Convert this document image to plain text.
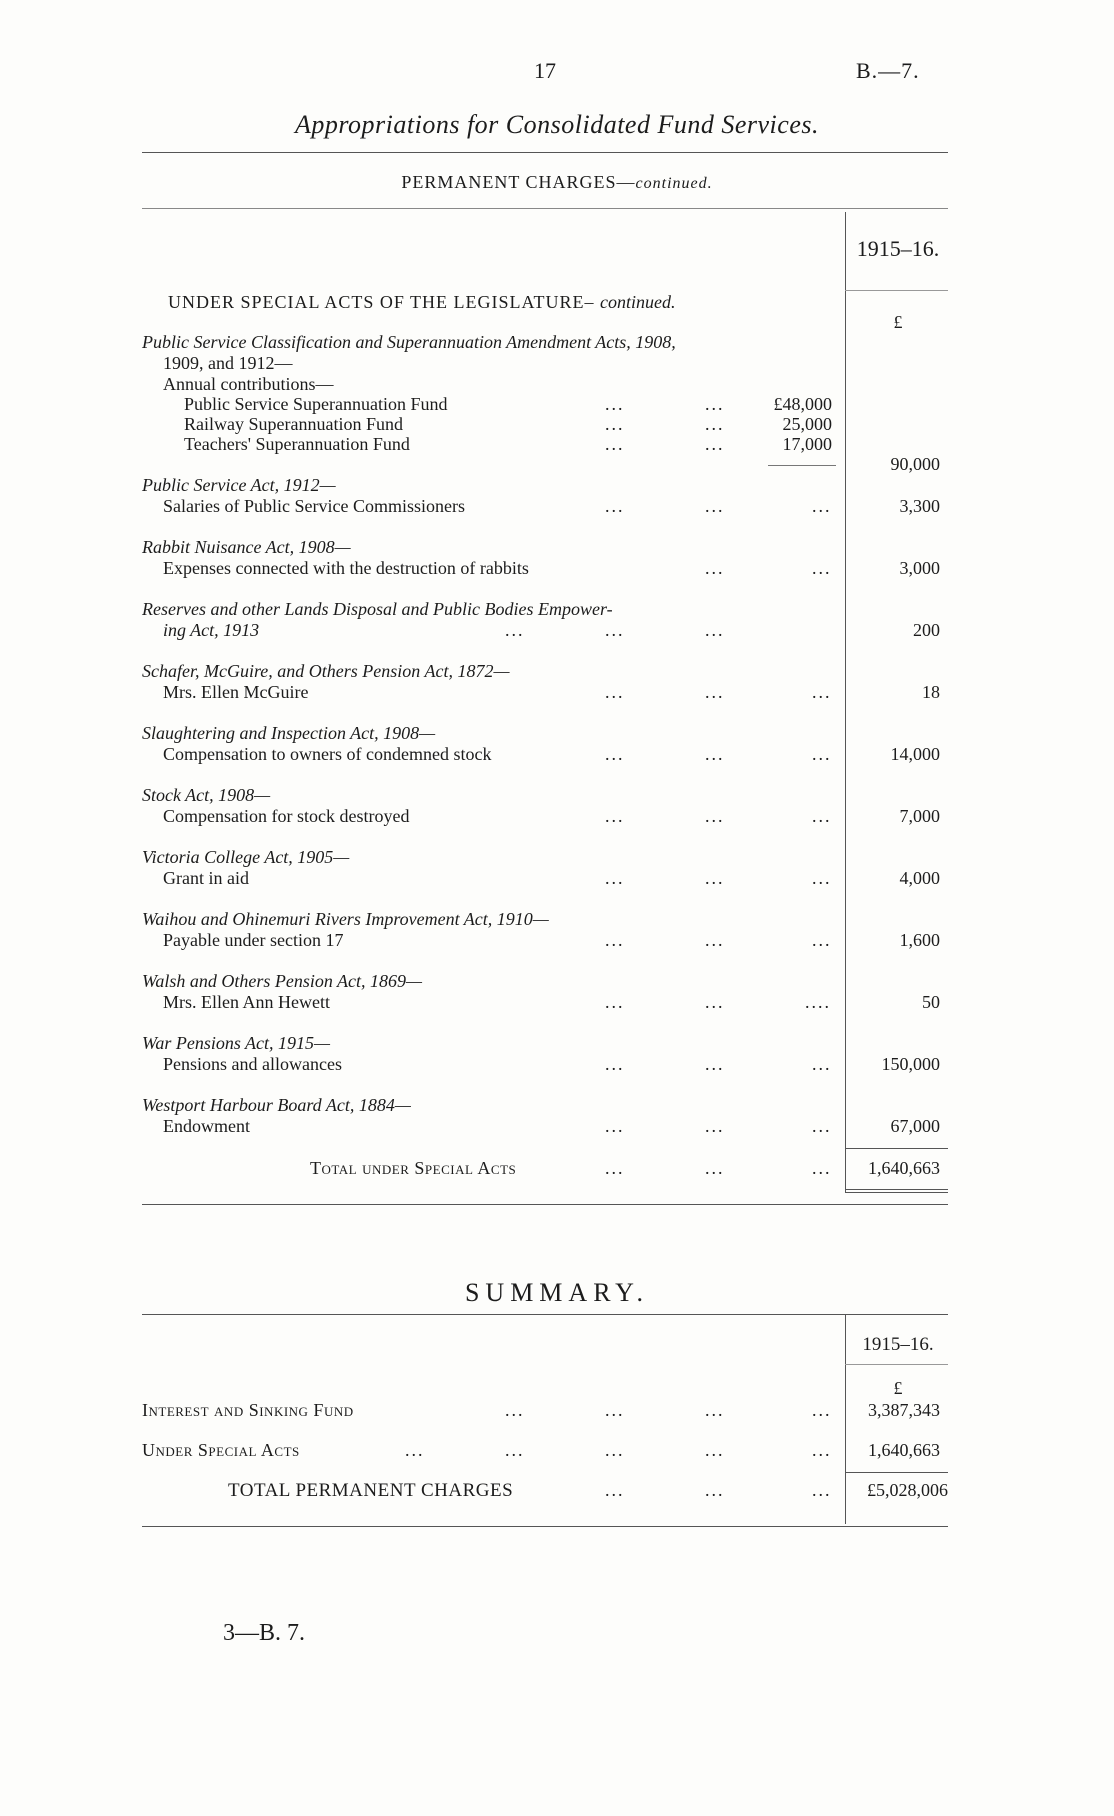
17	B.—7.
Appropriations for Consolidated Fund Services.
PERMANENT CHARGES—continued.
1915–16.
£
UNDER SPECIAL ACTS OF THE LEGISLATURE– continued.
Public Service Classification and Superannuation Amendment Acts, 1908,
1909, and 1912—
Annual contributions—
Public Service Superannuation Fund	...	...	£48,000
Railway Superannuation Fund	...	...	25,000
Teachers' Superannuation Fund	...	...	17,000
90,000
Public Service Act, 1912—
Salaries of Public Service Commissioners	...	...	...	3,300
Rabbit Nuisance Act, 1908—
Expenses connected with the destruction of rabbits	...	...	3,000
Reserves and other Lands Disposal and Public Bodies Empower-
ing Act, 1913	...	...	...	200
Schafer, McGuire, and Others Pension Act, 1872—
Mrs. Ellen McGuire	...	...	...	18
Slaughtering and Inspection Act, 1908—
Compensation to owners of condemned stock	...	...	...	14,000
Stock Act, 1908—
Compensation for stock destroyed	...	...	...	7,000
Victoria College Act, 1905—
Grant in aid	...	...	...	4,000
Waihou and Ohinemuri Rivers Improvement Act, 1910—
Payable under section 17	...	...	...	1,600
Walsh and Others Pension Act, 1869—
Mrs. Ellen Ann Hewett	...	...	....	50
War Pensions Act, 1915—
Pensions and allowances	...	...	...	150,000
Westport Harbour Board Act, 1884—
Endowment	...	...	...	67,000
Total under Special Acts	...	...	...	1,640,663
SUMMARY.
1915–16.
£
Interest and Sinking Fund	...	...	...	...	3,387,343
Under Special Acts	...	...	...	...	...	1,640,663
TOTAL PERMANENT CHARGES	...	...	...	£5,028,006
3—B. 7.
